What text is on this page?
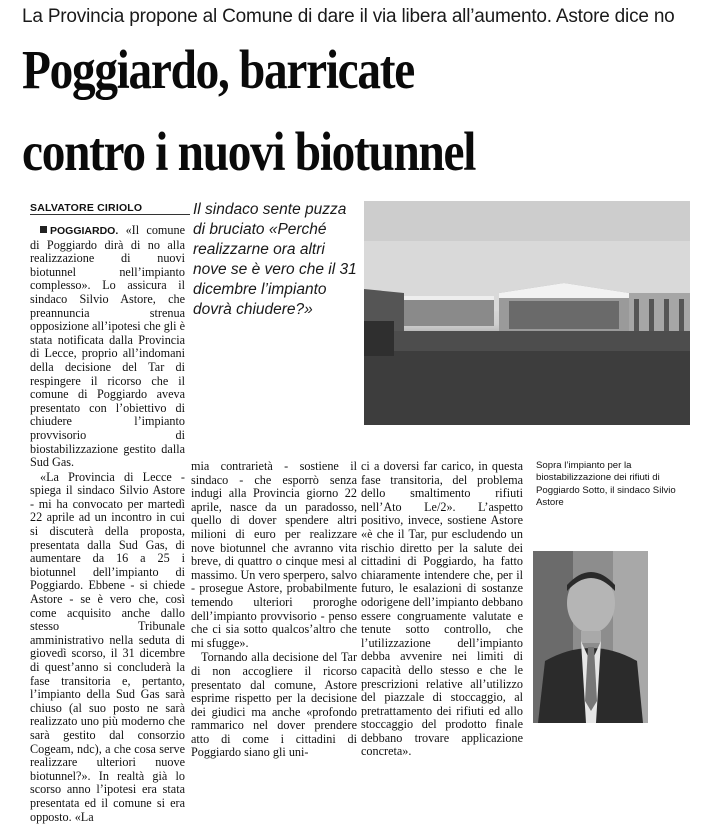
La Provincia propone al Comune di dare il via libera all’aumento. Astore dice no
Poggiardo, barricate
contro i nuovi biotunnel
SALVATORE CIRIOLO

POGGIARDO. «Il comune di Poggiardo dirà di no alla realizzazione di nuovi biotunnel nell’impianto complesso». Lo assicura il sindaco Silvio Astore, che preannuncia strenua opposizione all’ipotesi che gli è stata notificata dalla Provincia di Lecce, proprio all’indomani della decisione del Tar di respingere il ricorso che il comune di Poggiardo aveva presentato con l’obiettivo di chiudere l’impianto provvisorio di biostabilizzazione gestito dalla Sud Gas.

«La Provincia di Lecce - spiega il sindaco Silvio Astore - mi ha convocato per martedì 22 aprile ad un incontro in cui si discuterà della proposta, presentata dalla Sud Gas, di aumentare da 16 a 25 i biotunnel dell’impianto di Poggiardo. Ebbene - si chiede Astore - se è vero che, così come acquisito anche dallo stesso Tribunale amministrativo nella seduta di giovedì scorso, il 31 dicembre di quest’anno si concluderà la fase transitoria e, pertanto, l’impianto della Sud Gas sarà chiuso (al suo posto ne sarà realizzato uno più moderno che sarà gestito dal consorzio Cogeam, ndc), a che cosa serve realizzare ulteriori nuove biotunnel?». In realtà già lo scorso anno l’ipotesi era stata presentata ed il comune si era opposto. «La

Il sindaco sente puzza di bruciato «Perché realizzarne ora altri nove se è vero che il 31 dicembre l’impianto dovrà chiudere?»

mia contrarietà - sostiene il sindaco - che esporrò senza indugi alla Provincia giorno 22 aprile, nasce da un paradosso, quello di dover spendere altri milioni di euro per realizzare nove biotunnel che avranno vita breve, di quattro o cinque mesi al massimo. Un vero sperpero, salvo - prosegue Astore, probabilmente temendo ulteriori proroghe dell’impianto provvisorio - penso che ci sia sotto qualcos’altro che mi sfugge».

Tornando alla decisione del Tar di non accogliere il ricorso presentato dal comune, Astore esprime rispetto per la decisione dei giudici ma anche «profondo rammarico nel dover prendere atto di come i cittadini di Poggiardo siano gli uni-

ci a doversi far carico, in questa fase transitoria, del problema dello smaltimento rifiuti nell’Ato Le/2». L’aspetto positivo, invece, sostiene Astore «è che il Tar, pur escludendo un rischio diretto per la salute dei cittadini di Poggiardo, ha fatto chiaramente intendere che, per il futuro, le esalazioni di sostanze odorigene dell’impianto debbano essere congruamente valutate e tenute sotto controllo, che l’utilizzazione dell’impianto debba avvenire nei limiti di capacità dello stesso e che le prescrizioni relative all’utilizzo del piazzale di stoccaggio, al pretrattamento dei rifiuti ed allo stoccaggio del prodotto finale debbano trovare applicazione concreta».

Sopra l’impianto per la biostabilizzazione dei rifiuti di Poggiardo Sotto, il sindaco Silvio Astore
